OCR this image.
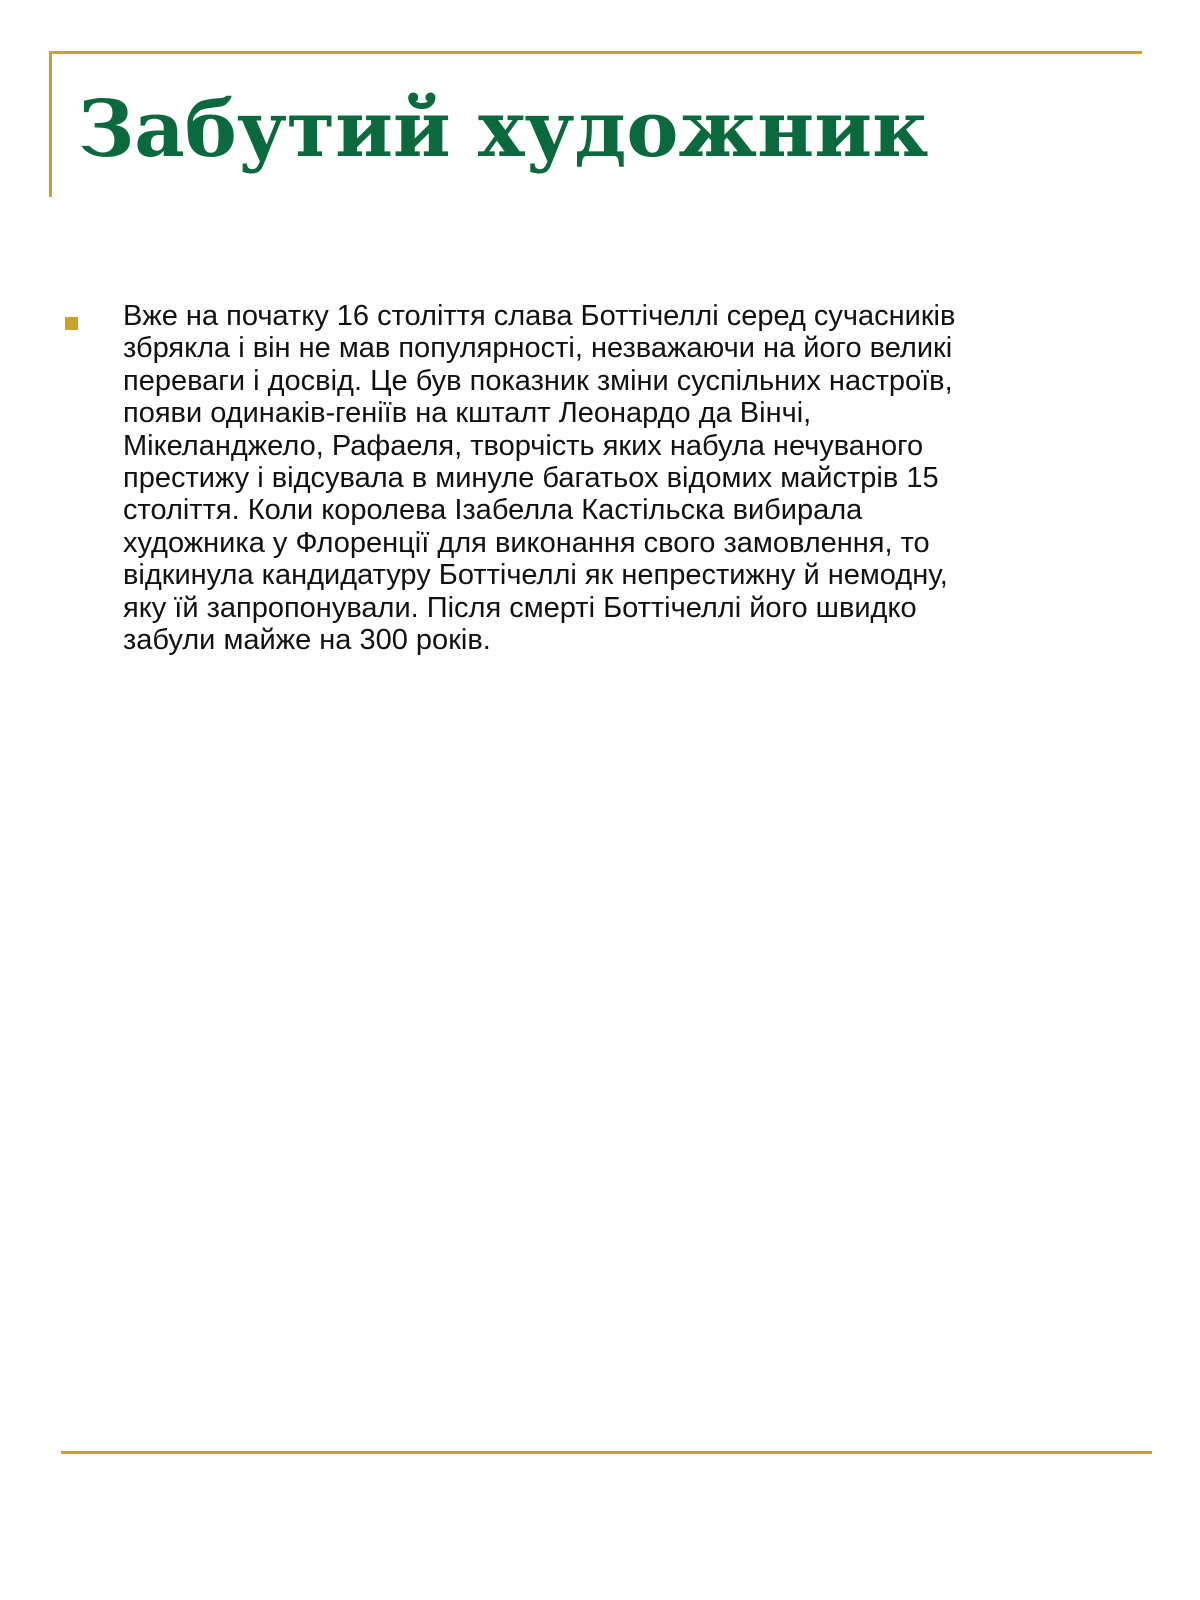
Забутий художник

Вже на початку 16 століття слава Боттічеллі серед сучасників
збрякла і він не мав популярності, незважаючи на його великі
переваги і досвід. Це був показник зміни суспільних настроїв,
появи одинаків-геніїв на кшталт Леонардо да Вінчі,
Мікеланджело, Рафаеля, творчість яких набула нечуваного
престижу і відсувала в минуле багатьох відомих майстрів 15
століття. Коли королева Ізабелла Кастільска вибирала
художника у Флоренції для виконання свого замовлення, то
відкинула кандидатуру Боттічеллі як непрестижну й немодну,
яку їй запропонували. Після смерті Боттічеллі його швидко
забули майже на 300 років.
